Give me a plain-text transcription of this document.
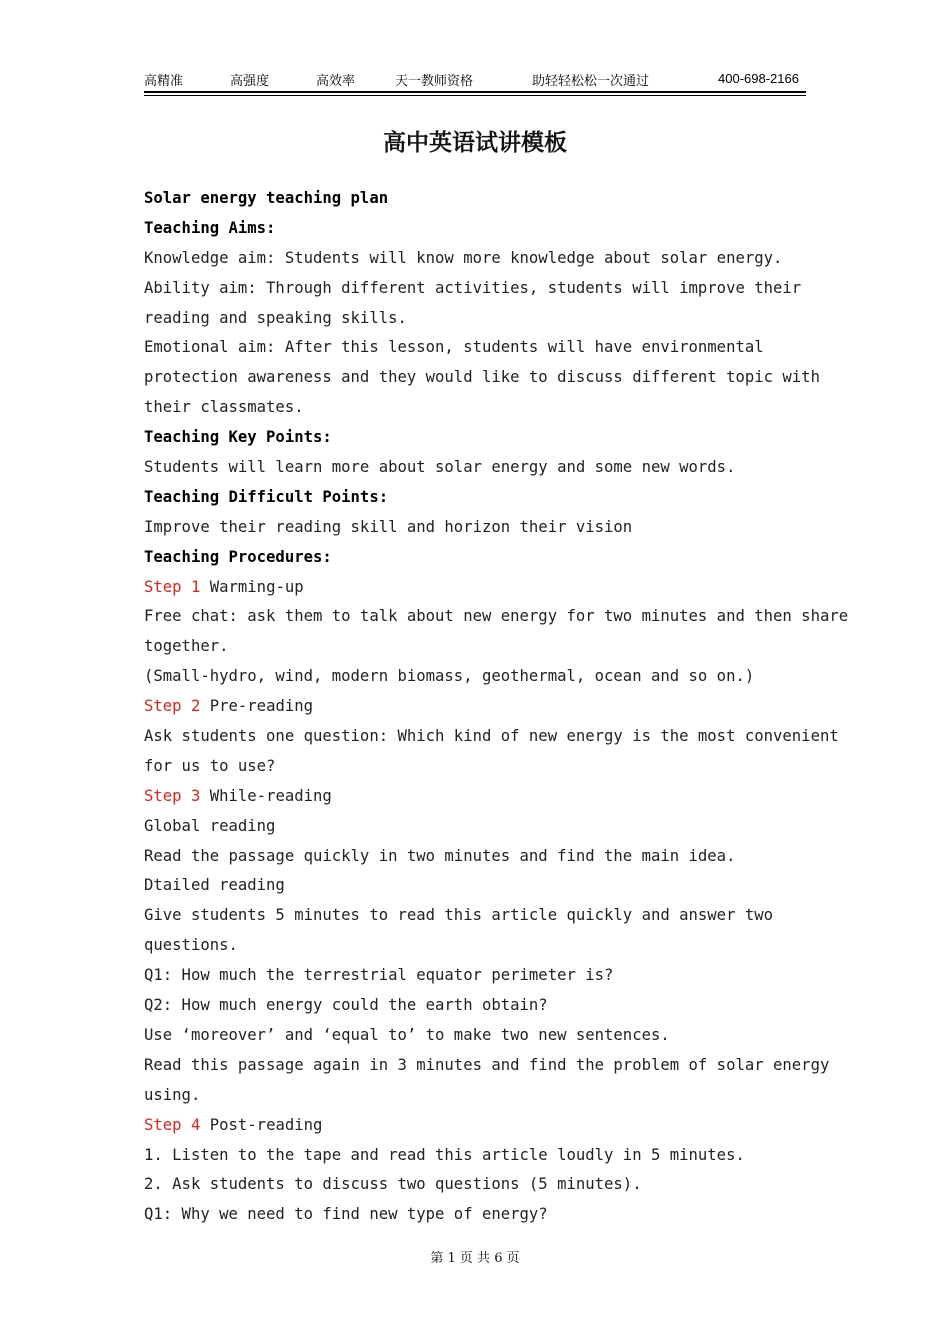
高精准	高强度	高效率	天一教师资格	助轻轻松松一次通过	400-698-2166
高中英语试讲模板
Solar energy teaching plan
Teaching Aims:
Knowledge aim: Students will know more knowledge about solar energy.
Ability aim: Through different activities, students will improve their
reading and speaking skills.
Emotional aim: After this lesson, students will have environmental
protection awareness and they would like to discuss different topic with
their classmates.
Teaching Key Points:
Students will learn more about solar energy and some new words.
Teaching Difficult Points:
Improve their reading skill and horizon their vision
Teaching Procedures:
Step 1 Warming-up
Free chat: ask them to talk about new energy for two minutes and then share
together.
(Small-hydro, wind, modern biomass, geothermal, ocean and so on.)
Step 2 Pre-reading
Ask students one question: Which kind of new energy is the most convenient
for us to use?
Step 3 While-reading
Global reading
Read the passage quickly in two minutes and find the main idea.
Dtailed reading
Give students 5 minutes to read this article quickly and answer two
questions.
Q1: How much the terrestrial equator perimeter is?
Q2: How much energy could the earth obtain?
Use ‘moreover’ and ‘equal to’ to make two new sentences.
Read this passage again in 3 minutes and find the problem of solar energy
using.
Step 4 Post-reading
1. Listen to the tape and read this article loudly in 5 minutes.
2. Ask students to discuss two questions (5 minutes).
Q1: Why we need to find new type of energy?
第 1 页 共 6 页
